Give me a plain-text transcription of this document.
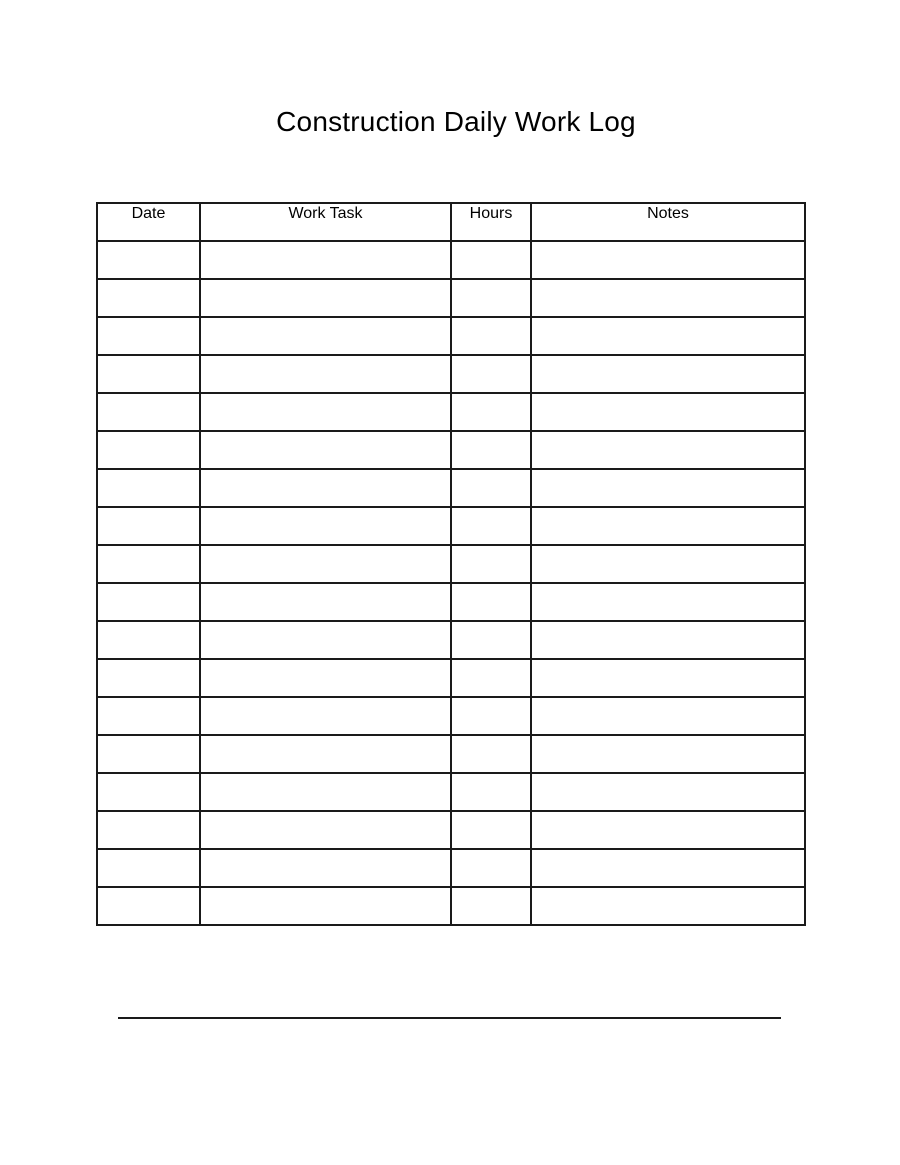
Construction Daily Work Log
Date	Work Task	Hours	Notes
